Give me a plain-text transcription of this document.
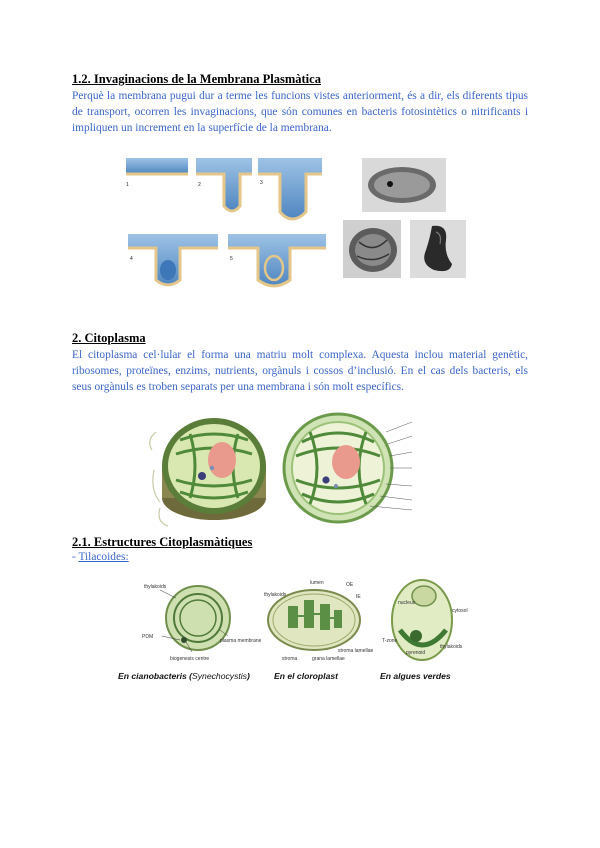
1.2. Invaginacions de la Membrana Plasmàtica
Perquè la membrana pugui dur a terme les funcions vistes anteriorment, és a dir, els diferents tipus de transport, ocorren les invaginacions, que són comunes en bacteris fotosintètics o nitrificants i impliquen un increment en la superfície de la membrana.
1	2	3
4	5
2. Citoplasma
El citoplasma cel·lular el forma una matriu molt complexa. Aquesta inclou material genètic, ribosomes, proteïnes, enzims, nutrients, orgànuls i cossos d’inclusió. En el cas dels bacteris, els seus orgànuls es troben separats per una membrana i són molt específics.
2.1. Estructures Citoplasmàtiques
- Tilacoides:
thylakoids
PDM
plasma membrane
biogenesis centre
lumen	OE
IE
thylakoids
stroma lamellae
stroma	grana lamellae
nucleus
cytosol
T-zone
pyrenoid
thylakoids
En cianobacteris (Synechocystis)	En el cloroplast	En algues verdes
